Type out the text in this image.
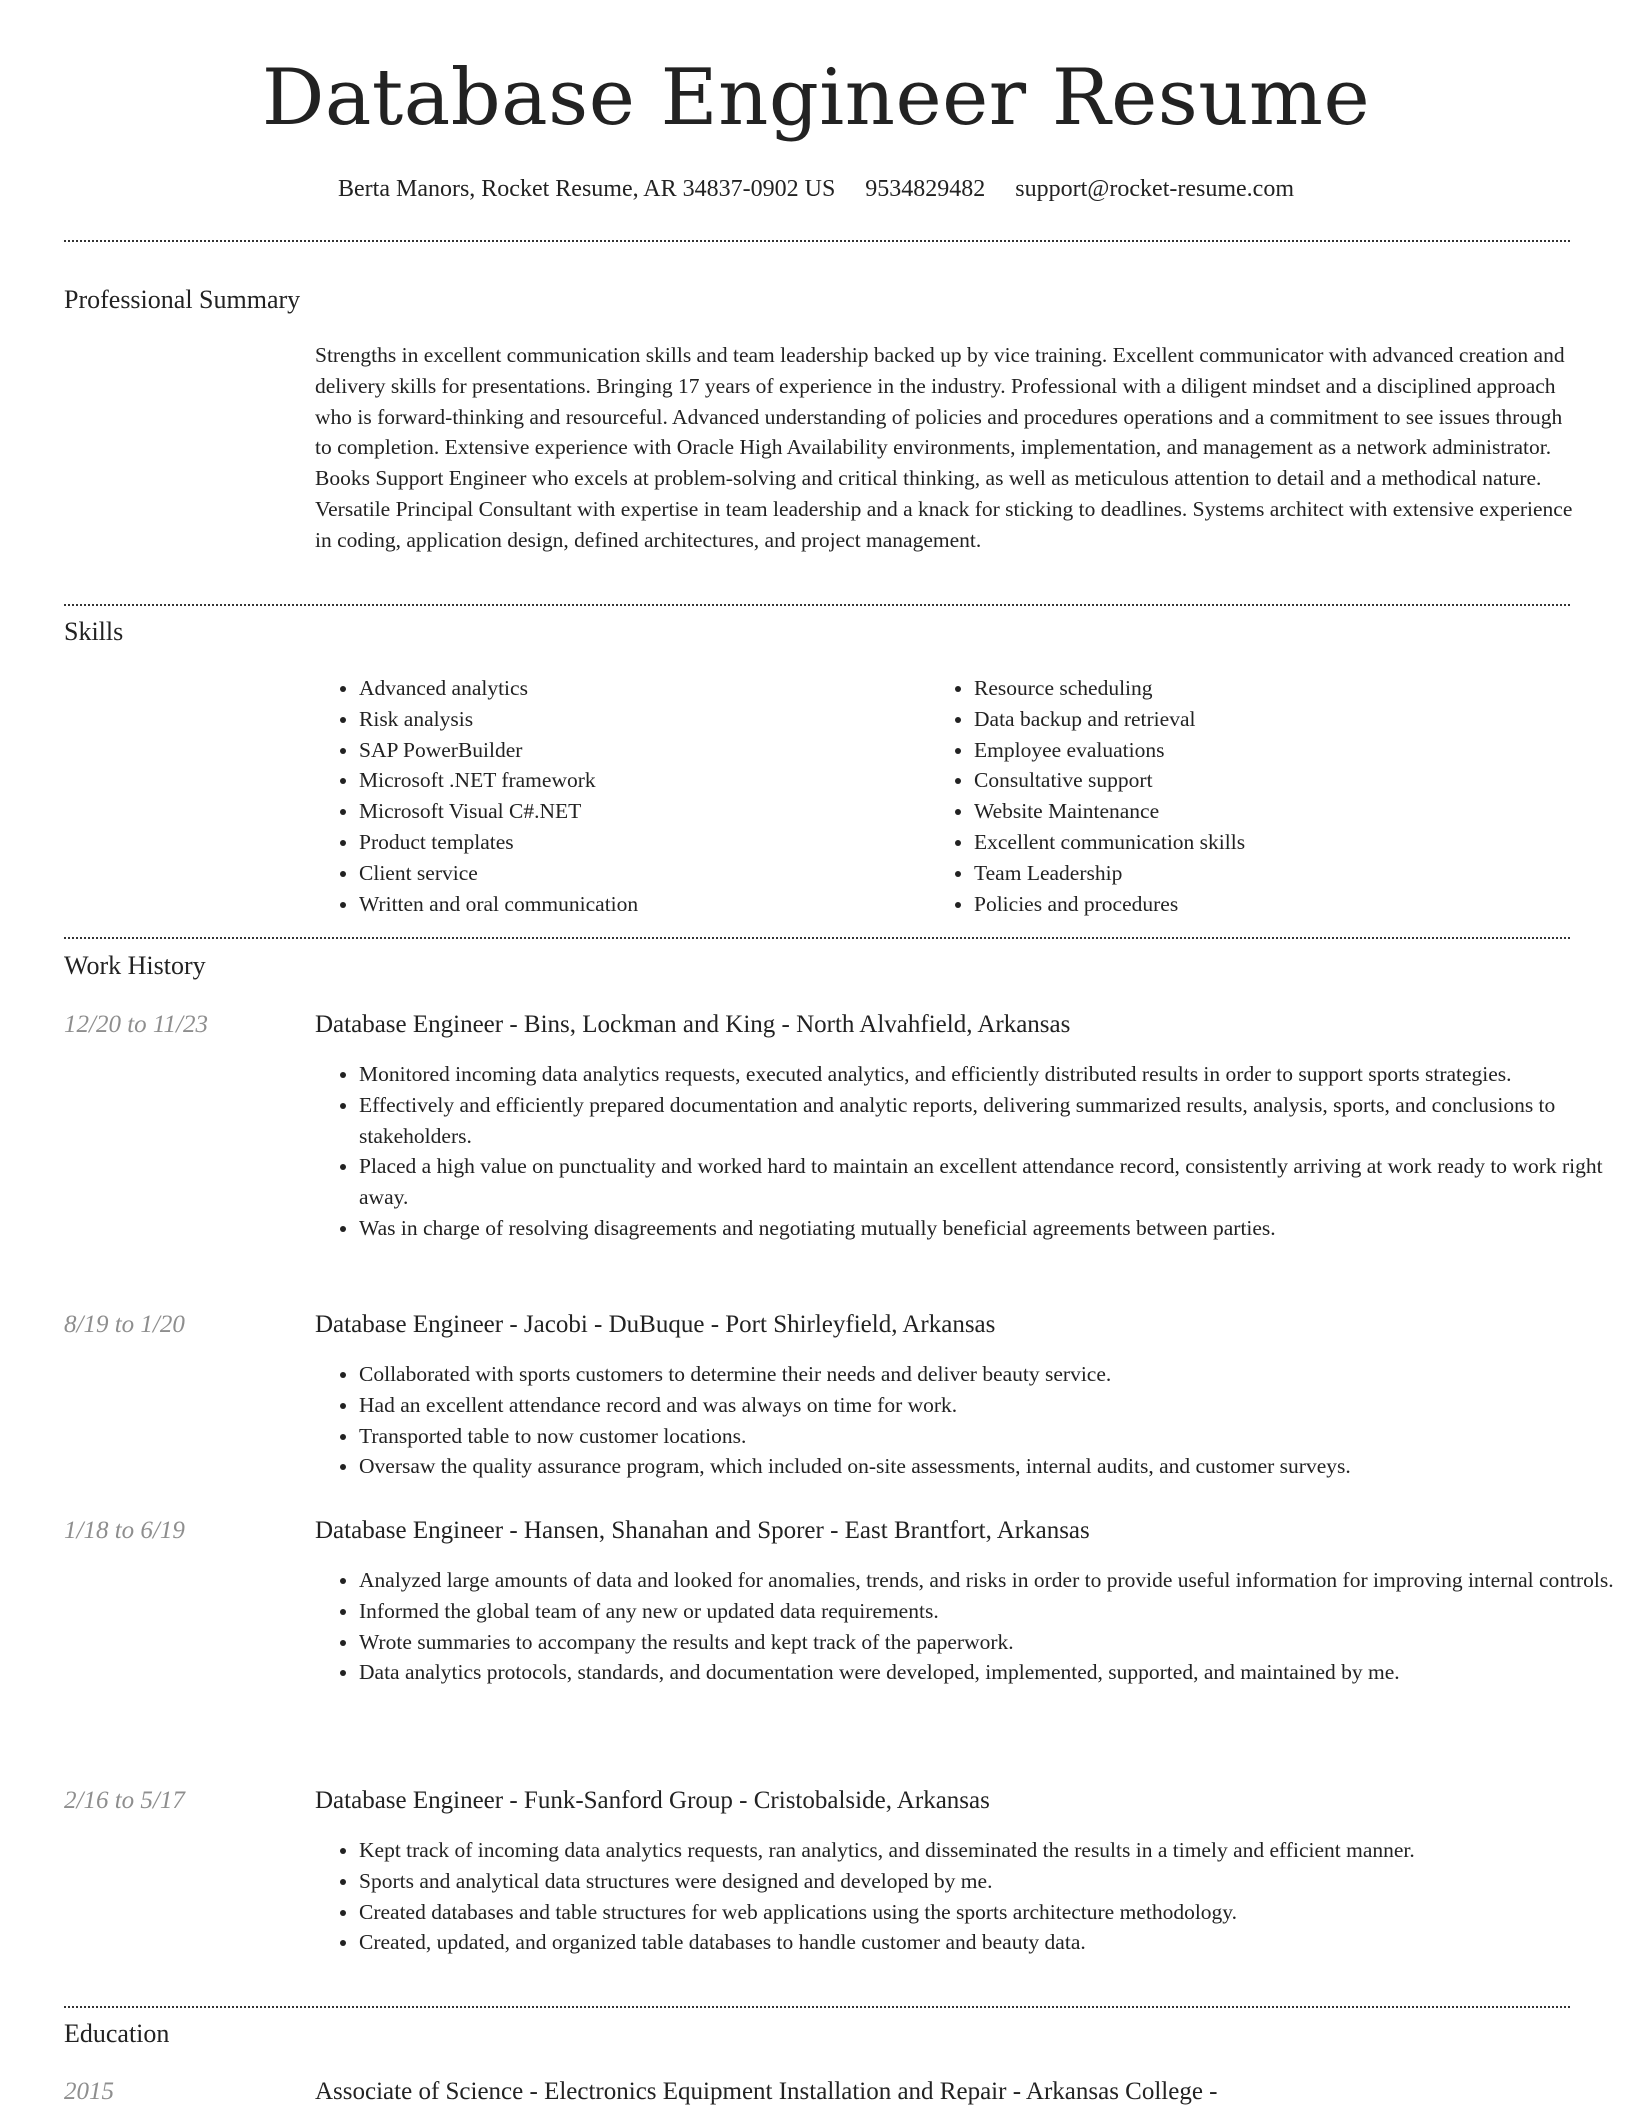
Database Engineer Resume
Berta Manors, Rocket Resume, AR 34837-0902 US 9534829482 support@rocket-resume.com
Professional Summary

Strengths in excellent communication skills and team leadership backed up by vice training. Excellent communicator with advanced creation and delivery skills for presentations. Bringing 17 years of experience in the industry. Professional with a diligent mindset and a disciplined approach who is forward-thinking and resourceful. Advanced understanding of policies and procedures operations and a commitment to see issues through to completion. Extensive experience with Oracle High Availability environments, implementation, and management as a network administrator. Books Support Engineer who excels at problem-solving and critical thinking, as well as meticulous attention to detail and a methodical nature. Versatile Principal Consultant with expertise in team leadership and a knack for sticking to deadlines. Systems architect with extensive experience in coding, application design, defined architectures, and project management.

Skills
• Advanced analytics
• Risk analysis
• SAP PowerBuilder
• Microsoft .NET framework
• Microsoft Visual C#.NET
• Product templates
• Client service
• Written and oral communication
• Resource scheduling
• Data backup and retrieval
• Employee evaluations
• Consultative support
• Website Maintenance
• Excellent communication skills
• Team Leadership
• Policies and procedures
Work History
12/20 to 11/23	Database Engineer - Bins, Lockman and King - North Alvahfield, Arkansas
• Monitored incoming data analytics requests, executed analytics, and efficiently distributed results in order to support sports strategies.
• Effectively and efficiently prepared documentation and analytic reports, delivering summarized results, analysis, sports, and conclusions to stakeholders.
• Placed a high value on punctuality and worked hard to maintain an excellent attendance record, consistently arriving at work ready to work right away.
• Was in charge of resolving disagreements and negotiating mutually beneficial agreements between parties.
8/19 to 1/20	Database Engineer - Jacobi - DuBuque - Port Shirleyfield, Arkansas
• Collaborated with sports customers to determine their needs and deliver beauty service.
• Had an excellent attendance record and was always on time for work.
• Transported table to now customer locations.
• Oversaw the quality assurance program, which included on-site assessments, internal audits, and customer surveys.
1/18 to 6/19	Database Engineer - Hansen, Shanahan and Sporer - East Brantfort, Arkansas
• Analyzed large amounts of data and looked for anomalies, trends, and risks in order to provide useful information for improving internal controls.
• Informed the global team of any new or updated data requirements.
• Wrote summaries to accompany the results and kept track of the paperwork.
• Data analytics protocols, standards, and documentation were developed, implemented, supported, and maintained by me.
2/16 to 5/17	Database Engineer - Funk-Sanford Group - Cristobalside, Arkansas
• Kept track of incoming data analytics requests, ran analytics, and disseminated the results in a timely and efficient manner.
• Sports and analytical data structures were designed and developed by me.
• Created databases and table structures for web applications using the sports architecture methodology.
• Created, updated, and organized table databases to handle customer and beauty data.
Education
2015	Associate of Science - Electronics Equipment Installation and Repair - Arkansas College -
